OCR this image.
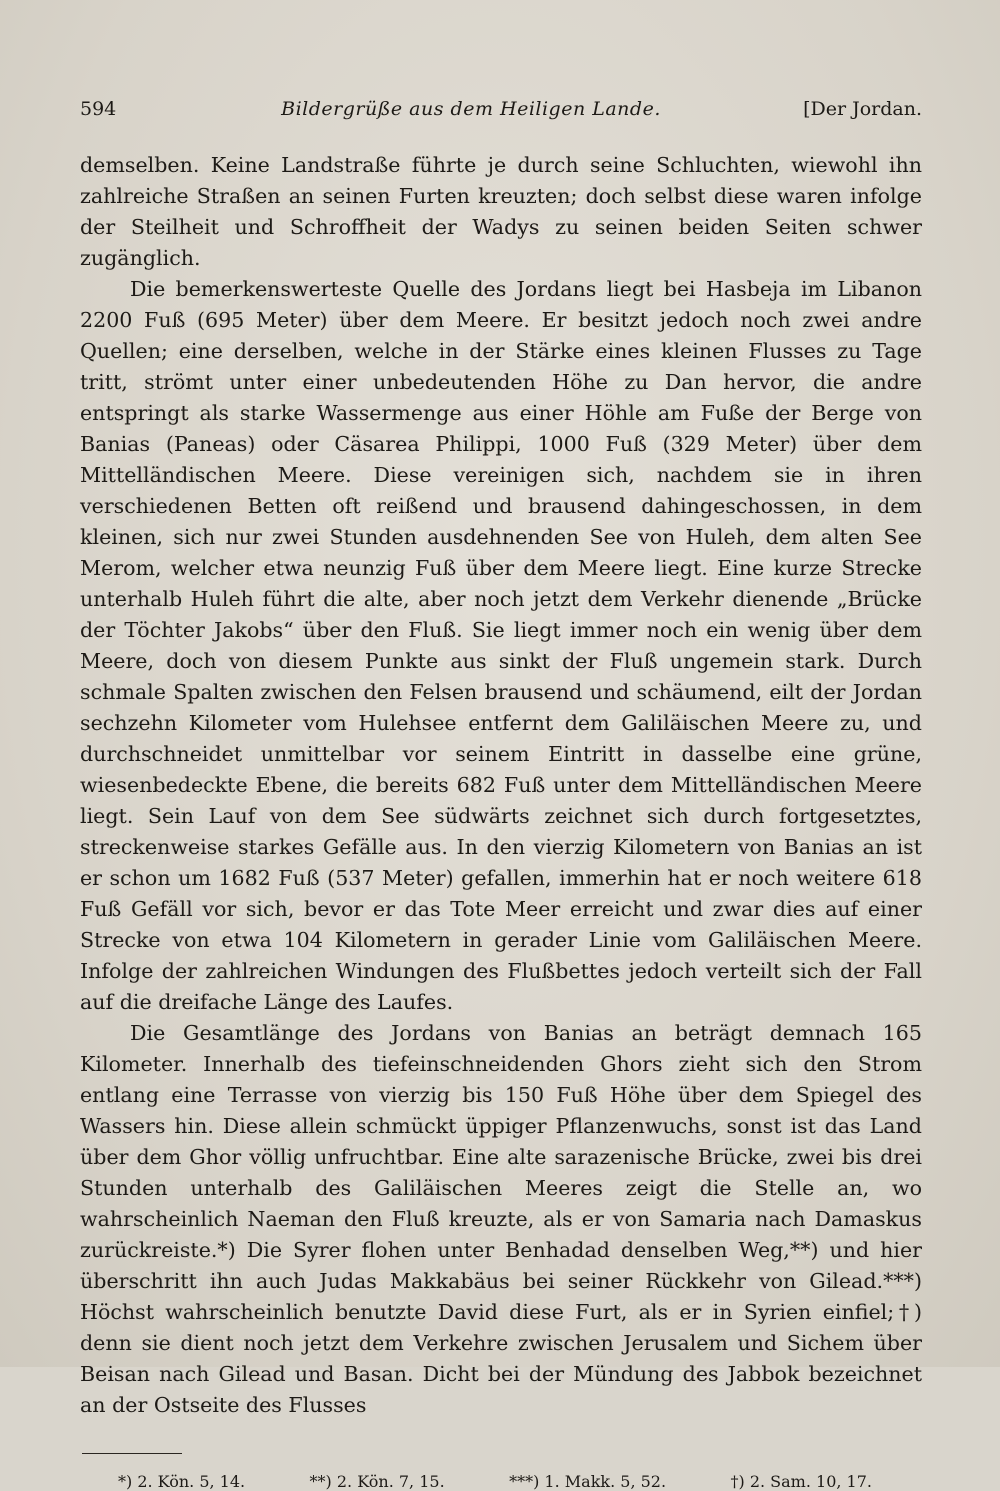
594	Bildergrüße aus dem Heiligen Lande.	[Der Jordan.

demselben. Keine Landstraße führte je durch seine Schluchten, wiewohl ihn zahlreiche Straßen an seinen Furten kreuzten; doch selbst diese waren infolge der Steilheit und Schroffheit der Wadys zu seinen beiden Seiten schwer zugänglich.

Die bemerkenswerteste Quelle des Jordans liegt bei Hasbeja im Libanon 2200 Fuß (695 Meter) über dem Meere. Er besitzt jedoch noch zwei andre Quellen; eine derselben, welche in der Stärke eines kleinen Flusses zu Tage tritt, strömt unter einer unbedeutenden Höhe zu Dan hervor, die andre entspringt als starke Wassermenge aus einer Höhle am Fuße der Berge von Banias (Paneas) oder Cäsarea Philippi, 1000 Fuß (329 Meter) über dem Mittelländischen Meere. Diese vereinigen sich, nachdem sie in ihren verschiedenen Betten oft reißend und brausend dahingeschossen, in dem kleinen, sich nur zwei Stunden ausdehnenden See von Huleh, dem alten See Merom, welcher etwa neunzig Fuß über dem Meere liegt. Eine kurze Strecke unterhalb Huleh führt die alte, aber noch jetzt dem Verkehr dienende „Brücke der Töchter Jakobs“ über den Fluß. Sie liegt immer noch ein wenig über dem Meere, doch von diesem Punkte aus sinkt der Fluß ungemein stark. Durch schmale Spalten zwischen den Felsen brausend und schäumend, eilt der Jordan sechzehn Kilometer vom Hulehsee entfernt dem Galiläischen Meere zu, und durchschneidet unmittelbar vor seinem Eintritt in dasselbe eine grüne, wiesenbedeckte Ebene, die bereits 682 Fuß unter dem Mittelländischen Meere liegt. Sein Lauf von dem See südwärts zeichnet sich durch fortgesetztes, streckenweise starkes Gefälle aus. In den vierzig Kilometern von Banias an ist er schon um 1682 Fuß (537 Meter) gefallen, immerhin hat er noch weitere 618 Fuß Gefäll vor sich, bevor er das Tote Meer erreicht und zwar dies auf einer Strecke von etwa 104 Kilometern in gerader Linie vom Galiläischen Meere. Infolge der zahlreichen Windungen des Flußbettes jedoch verteilt sich der Fall auf die dreifache Länge des Laufes.

Die Gesamtlänge des Jordans von Banias an beträgt demnach 165 Kilometer. Innerhalb des tiefeinschneidenden Ghors zieht sich den Strom entlang eine Terrasse von vierzig bis 150 Fuß Höhe über dem Spiegel des Wassers hin. Diese allein schmückt üppiger Pflanzenwuchs, sonst ist das Land über dem Ghor völlig unfruchtbar. Eine alte sarazenische Brücke, zwei bis drei Stunden unterhalb des Galiläischen Meeres zeigt die Stelle an, wo wahrscheinlich Naeman den Fluß kreuzte, als er von Samaria nach Damaskus zurückreiste.*) Die Syrer flohen unter Benhadad denselben Weg,**) und hier überschritt ihn auch Judas Makkabäus bei seiner Rückkehr von Gilead.***) Höchst wahrscheinlich benutzte David diese Furt, als er in Syrien einfiel;†) denn sie dient noch jetzt dem Verkehre zwischen Jerusalem und Sichem über Beisan nach Gilead und Basan. Dicht bei der Mündung des Jabbok bezeichnet an der Ostseite des Flusses

*) 2. Kön. 5, 14.	**) 2. Kön. 7, 15.	***) 1. Makk. 5, 52.	†) 2. Sam. 10, 17.
